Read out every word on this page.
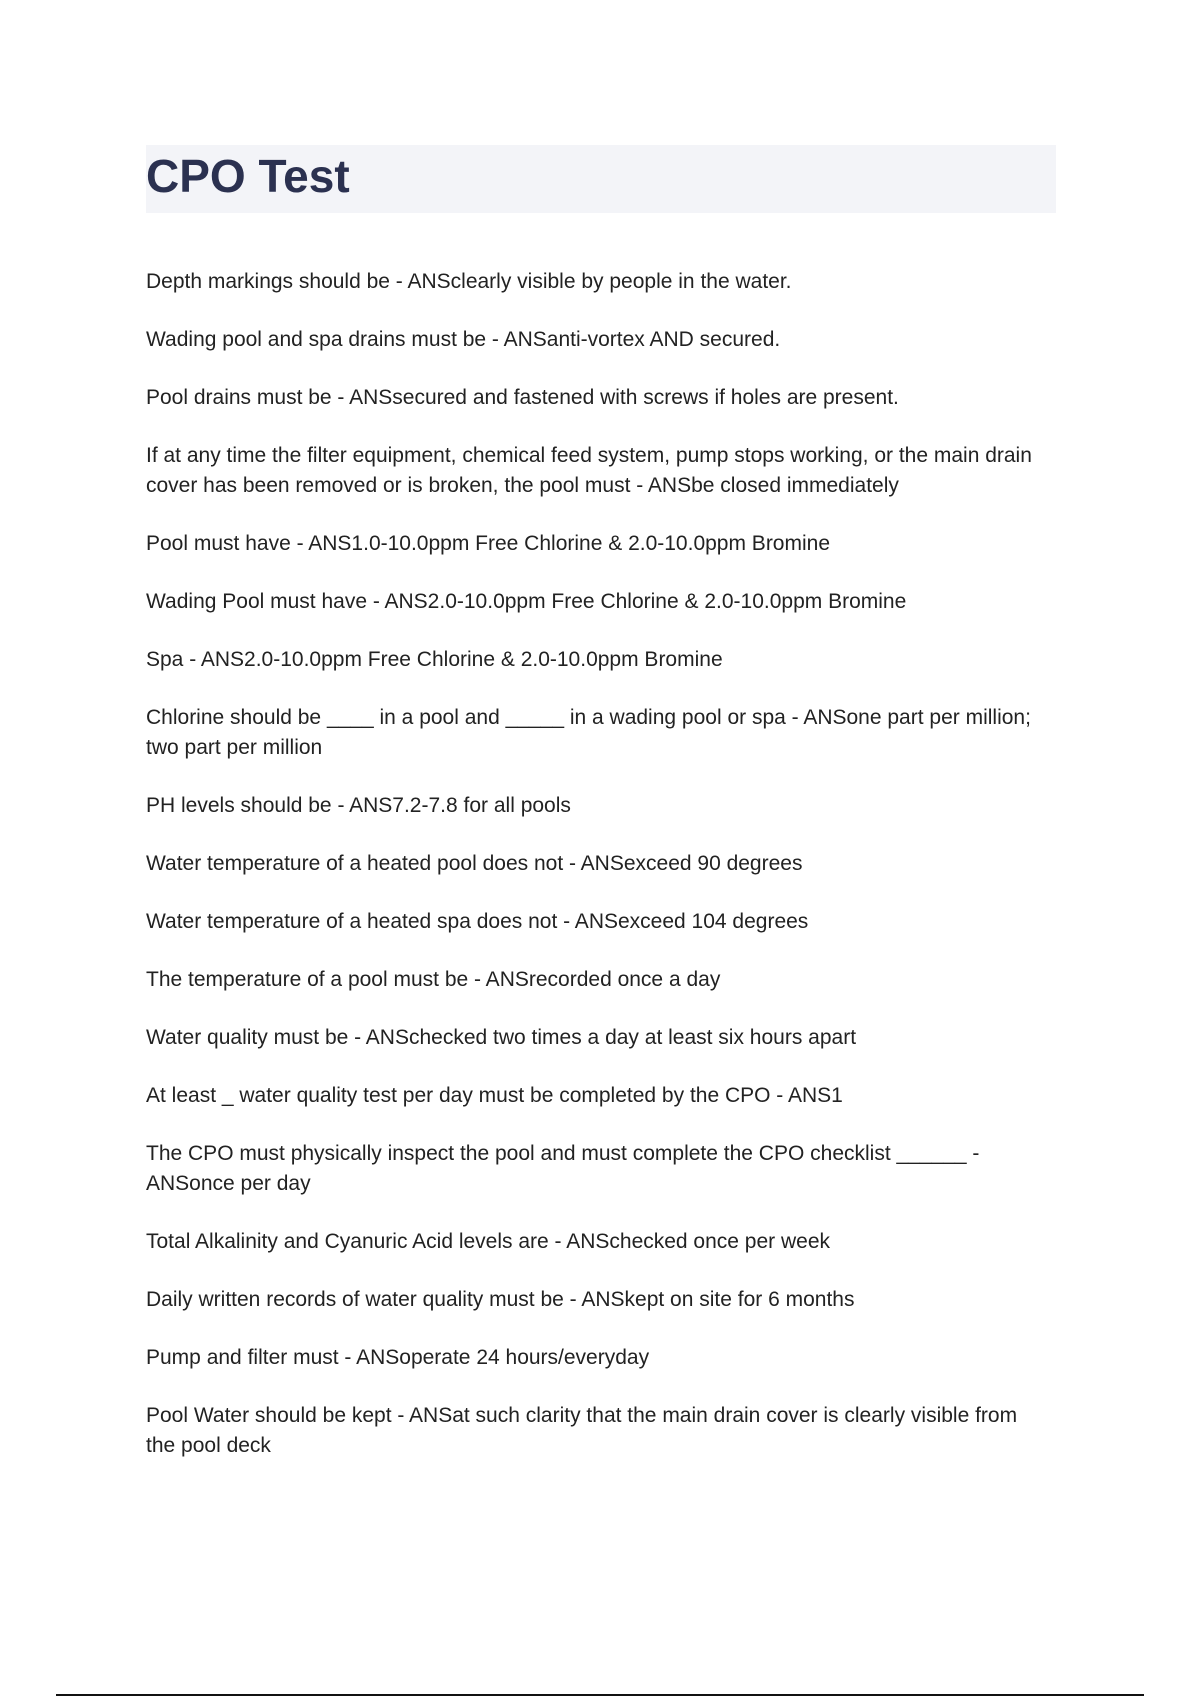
CPO Test
Depth markings should be - ANSclearly visible by people in the water.
Wading pool and spa drains must be - ANSanti-vortex AND secured.
Pool drains must be - ANSsecured and fastened with screws if holes are present.
If at any time the filter equipment, chemical feed system, pump stops working, or the main drain cover has been removed or is broken, the pool must - ANSbe closed immediately
Pool must have - ANS1.0-10.0ppm Free Chlorine & 2.0-10.0ppm Bromine
Wading Pool must have - ANS2.0-10.0ppm Free Chlorine & 2.0-10.0ppm Bromine
Spa - ANS2.0-10.0ppm Free Chlorine & 2.0-10.0ppm Bromine
Chlorine should be ____ in a pool and _____ in a wading pool or spa - ANSone part per million; two part per million
PH levels should be - ANS7.2-7.8 for all pools
Water temperature of a heated pool does not - ANSexceed 90 degrees
Water temperature of a heated spa does not - ANSexceed 104 degrees
The temperature of a pool must be - ANSrecorded once a day
Water quality must be - ANSchecked two times a day at least six hours apart
At least _ water quality test per day must be completed by the CPO - ANS1
The CPO must physically inspect the pool and must complete the CPO checklist ______ - ANSonce per day
Total Alkalinity and Cyanuric Acid levels are - ANSchecked once per week
Daily written records of water quality must be - ANSkept on site for 6 months
Pump and filter must - ANSoperate 24 hours/everyday
Pool Water should be kept - ANSat such clarity that the main drain cover is clearly visible from the pool deck
